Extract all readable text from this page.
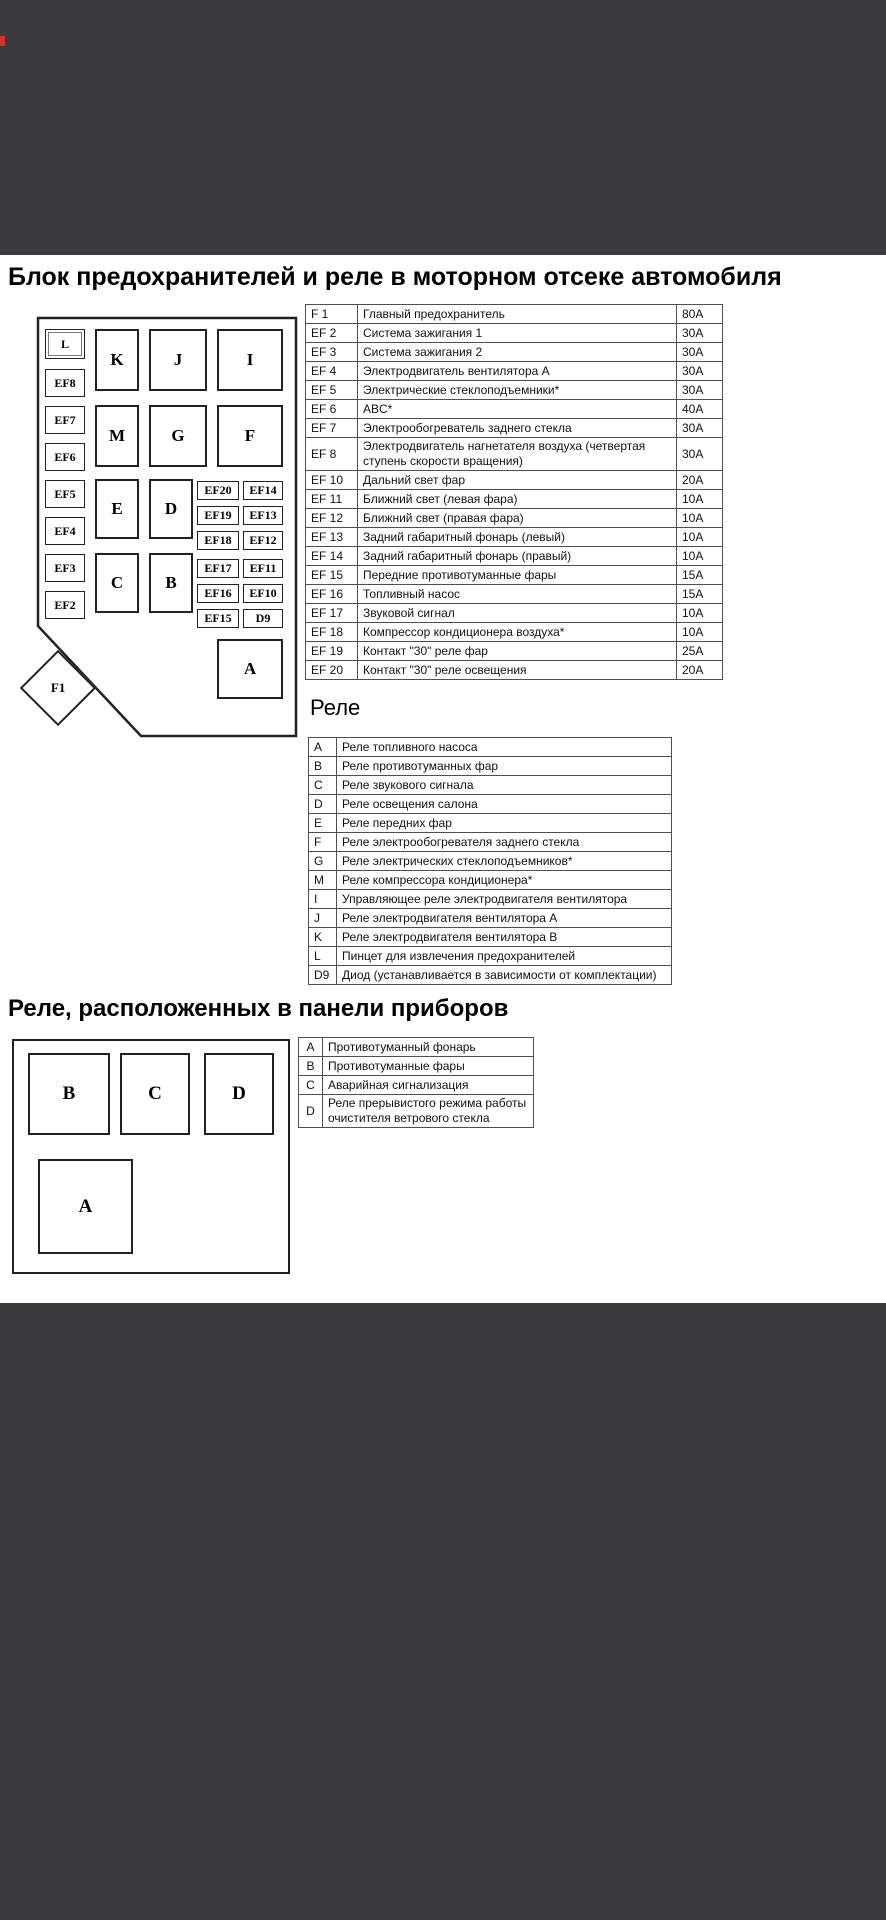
Блок предохранителей и реле в моторном отсеке автомобиля
L
EF8
EF7
EF6
EF5
EF4
EF3
EF2
K
M
E
C
J
G
D
B
I
F
EF20	EF14
EF19	EF13
EF18	EF12
EF17	EF11
EF16	EF10
EF15	D9
A
F1
F 1	Главный предохранитель	80A
EF 2	Система зажигания 1	30A
EF 3	Система зажигания 2	30A
EF 4	Электродвигатель вентилятора A	30A
EF 5	Электрические стеклоподъемники*	30A
EF 6	ABC*	40A
EF 7	Электрообогреватель заднего стекла	30A
EF 8	Электродвигатель нагнетателя воздуха (четвертая ступень скорости вращения)	30A
EF 10	Дальний свет фар	20A
EF 11	Ближний свет (левая фара)	10A
EF 12	Ближний свет (правая фара)	10A
EF 13	Задний габаритный фонарь (левый)	10A
EF 14	Задний габаритный фонарь (правый)	10A
EF 15	Передние противотуманные фары	15A
EF 16	Топливный насос	15A
EF 17	Звуковой сигнал	10A
EF 18	Компрессор кондиционера воздуха*	10A
EF 19	Контакт "30" реле фар	25A
EF 20	Контакт "30" реле освещения	20A
Реле
A	Реле топливного насоса
B	Реле противотуманных фар
C	Реле звукового сигнала
D	Реле освещения салона
E	Реле передних фар
F	Реле электрообогревателя заднего стекла
G	Реле электрических стеклоподъемников*
M	Реле компрессора кондиционера*
I	Управляющее реле электродвигателя вентилятора
J	Реле электродвигателя вентилятора A
K	Реле электродвигателя вентилятора B
L	Пинцет для извлечения предохранителей
D9	Диод (устанавливается в зависимости от комплектации)
Реле, расположенных в панели приборов
B	C	D
A
A	Противотуманный фонарь
B	Противотуманные фары
C	Аварийная сигнализация
D	Реле прерывистого режима работы очистителя ветрового стекла
